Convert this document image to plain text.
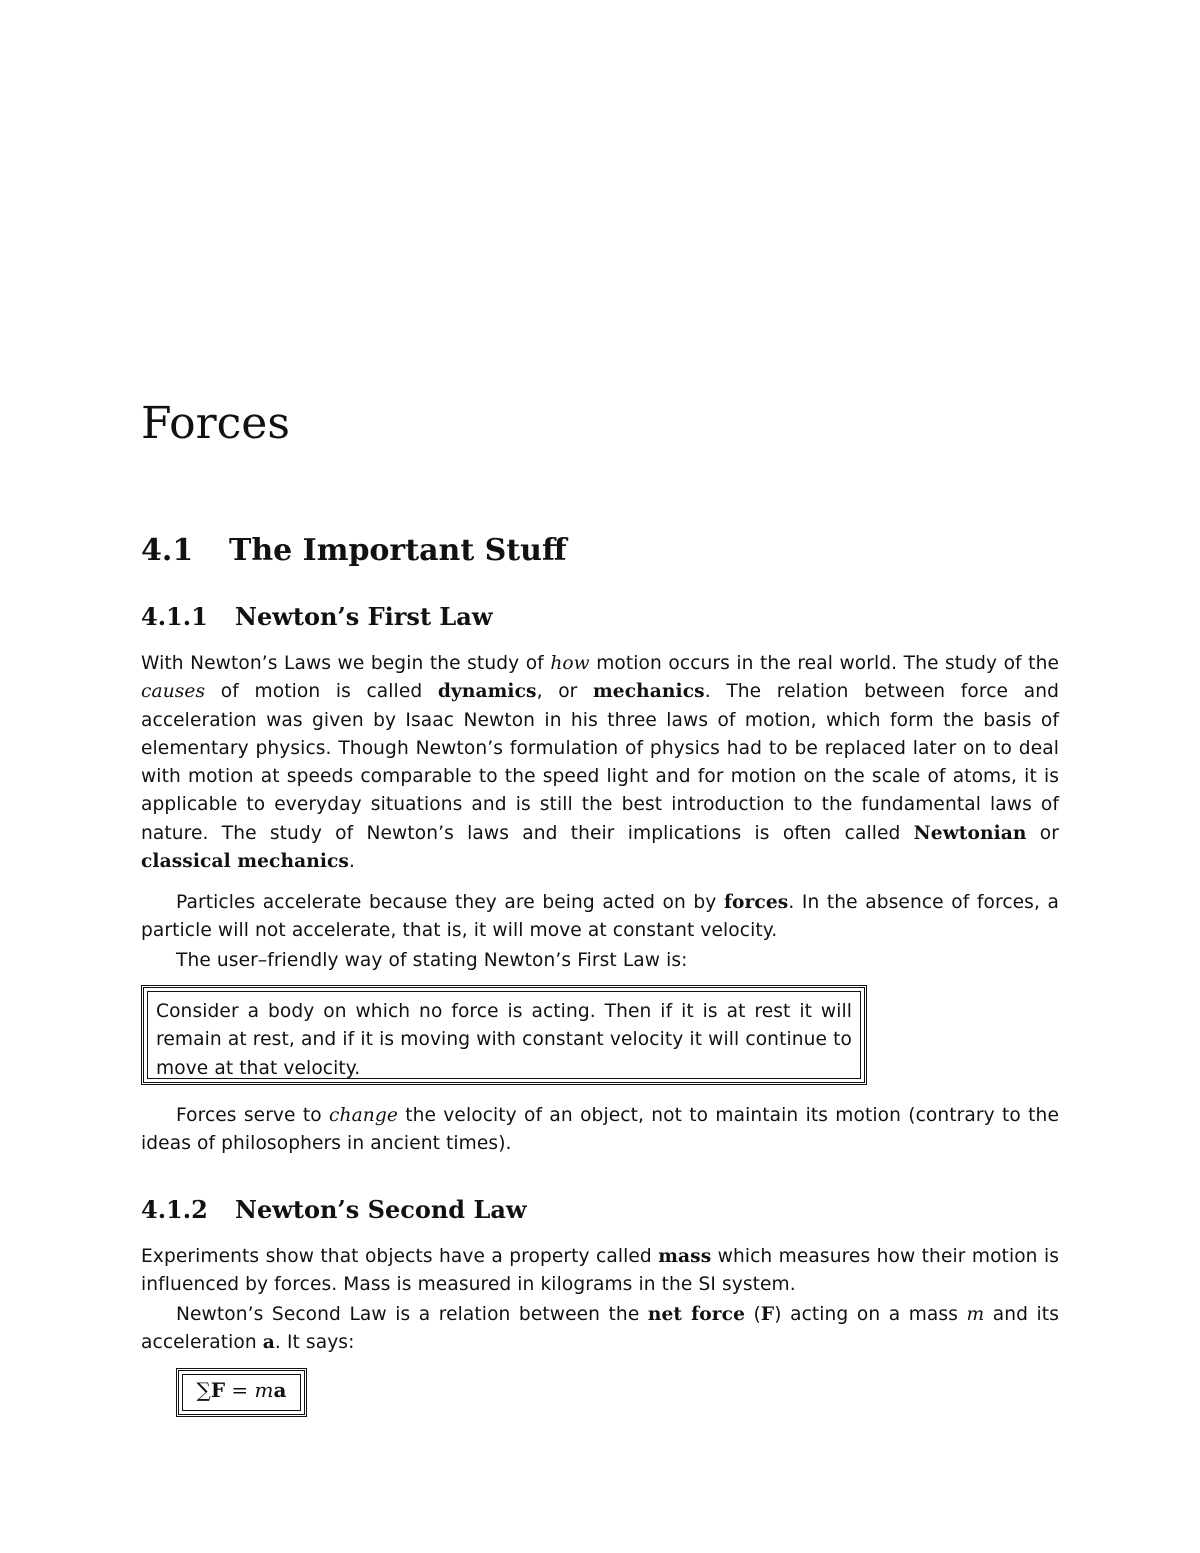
Forces
4.1 The Important Stuff
4.1.1 Newton’s First Law

With Newton’s Laws we begin the study of how motion occurs in the real world. The study of the causes of motion is called dynamics, or mechanics. The relation between force and acceleration was given by Isaac Newton in his three laws of motion, which form the basis of elementary physics. Though Newton’s formulation of physics had to be replaced later on to deal with motion at speeds comparable to the speed light and for motion on the scale of atoms, it is applicable to everyday situations and is still the best introduction to the fundamental laws of nature. The study of Newton’s laws and their implications is often called Newtonian or classical mechanics.

Particles accelerate because they are being acted on by forces. In the absence of forces, a particle will not accelerate, that is, it will move at constant velocity.

The user–friendly way of stating Newton’s First Law is:

Consider a body on which no force is acting. Then if it is at rest it will remain at rest, and if it is moving with constant velocity it will continue to move at that velocity.

Forces serve to change the velocity of an object, not to maintain its motion (contrary to the ideas of philosophers in ancient times).

4.1.2 Newton’s Second Law

Experiments show that objects have a property called mass which measures how their motion is influenced by forces. Mass is measured in kilograms in the SI system.

Newton’s Second Law is a relation between the net force (F) acting on a mass m and its acceleration a. It says:

∑F = ma
